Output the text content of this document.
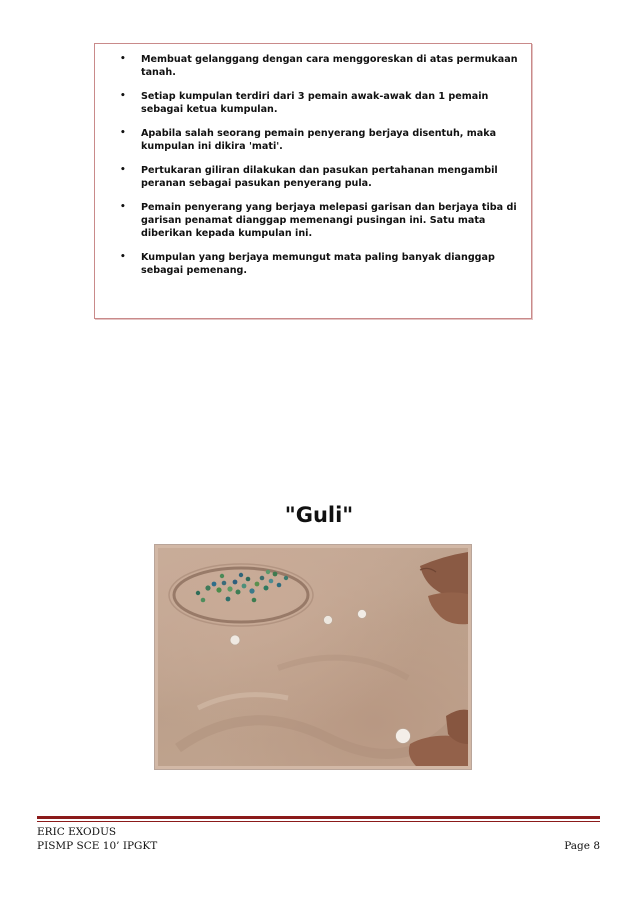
• Membuat gelanggang dengan cara menggoreskan di atas permukaan tanah.
• Setiap kumpulan terdiri dari 3 pemain awak-awak dan 1 pemain sebagai ketua kumpulan.
• Apabila salah seorang pemain penyerang berjaya disentuh, maka kumpulan ini dikira 'mati'.
• Pertukaran giliran dilakukan dan pasukan pertahanan mengambil peranan sebagai pasukan penyerang pula.
• Pemain penyerang yang berjaya melepasi garisan dan berjaya tiba di garisan penamat dianggap memenangi pusingan ini. Satu mata diberikan kepada kumpulan ini.
• Kumpulan yang berjaya memungut mata paling banyak dianggap sebagai pemenang.
"Guli"
ERIC EXODUS
PISMP SCE 10’ IPGKT	Page 8
